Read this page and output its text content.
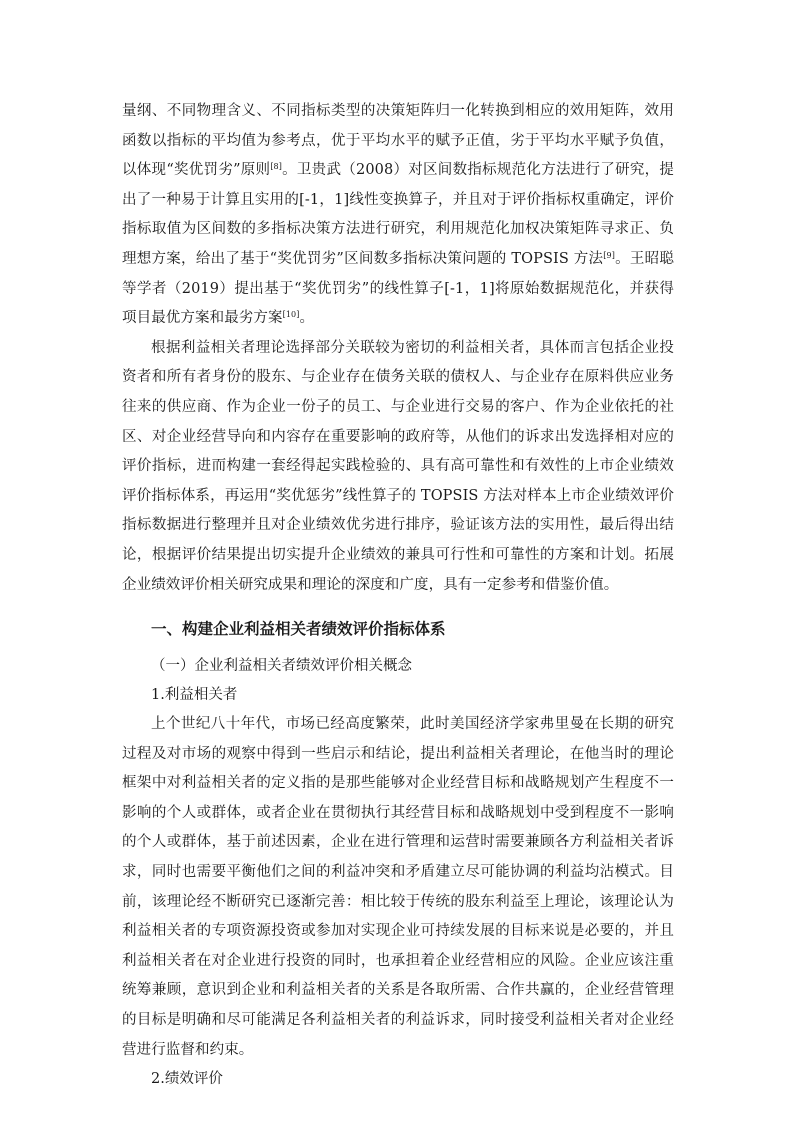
量纲、不同物理含义、不同指标类型的决策矩阵归一化转换到相应的效用矩阵，效用函数以指标的平均值为参考点，优于平均水平的赋予正值，劣于平均水平赋予负值，以体现“奖优罚劣”原则[8]。卫贵武（2008）对区间数指标规范化方法进行了研究，提出了一种易于计算且实用的[-1，1]线性变换算子，并且对于评价指标权重确定，评价指标取值为区间数的多指标决策方法进行研究，利用规范化加权决策矩阵寻求正、负理想方案，给出了基于“奖优罚劣”区间数多指标决策问题的 TOPSIS 方法[9]。王昭聪等学者（2019）提出基于“奖优罚劣”的线性算子[-1，1]将原始数据规范化，并获得项目最优方案和最劣方案[10]。

根据利益相关者理论选择部分关联较为密切的利益相关者，具体而言包括企业投资者和所有者身份的股东、与企业存在债务关联的债权人、与企业存在原料供应业务往来的供应商、作为企业一份子的员工、与企业进行交易的客户、作为企业依托的社区、对企业经营导向和内容存在重要影响的政府等，从他们的诉求出发选择相对应的评价指标，进而构建一套经得起实践检验的、具有高可靠性和有效性的上市企业绩效评价指标体系，再运用“奖优惩劣”线性算子的 TOPSIS 方法对样本上市企业绩效评价指标数据进行整理并且对企业绩效优劣进行排序，验证该方法的实用性，最后得出结论，根据评价结果提出切实提升企业绩效的兼具可行性和可靠性的方案和计划。拓展企业绩效评价相关研究成果和理论的深度和广度，具有一定参考和借鉴价值。

一、构建企业利益相关者绩效评价指标体系
（一）企业利益相关者绩效评价相关概念
1.利益相关者

上个世纪八十年代，市场已经高度繁荣，此时美国经济学家弗里曼在长期的研究过程及对市场的观察中得到一些启示和结论，提出利益相关者理论，在他当时的理论框架中对利益相关者的定义指的是那些能够对企业经营目标和战略规划产生程度不一影响的个人或群体，或者企业在贯彻执行其经营目标和战略规划中受到程度不一影响的个人或群体，基于前述因素，企业在进行管理和运营时需要兼顾各方利益相关者诉求，同时也需要平衡他们之间的利益冲突和矛盾建立尽可能协调的利益均沾模式。目前，该理论经不断研究已逐渐完善：相比较于传统的股东利益至上理论，该理论认为利益相关者的专项资源投资或参加对实现企业可持续发展的目标来说是必要的，并且利益相关者在对企业进行投资的同时，也承担着企业经营相应的风险。企业应该注重统筹兼顾，意识到企业和利益相关者的关系是各取所需、合作共赢的，企业经营管理的目标是明确和尽可能满足各利益相关者的利益诉求，同时接受利益相关者对企业经营进行监督和约束。

2.绩效评价
